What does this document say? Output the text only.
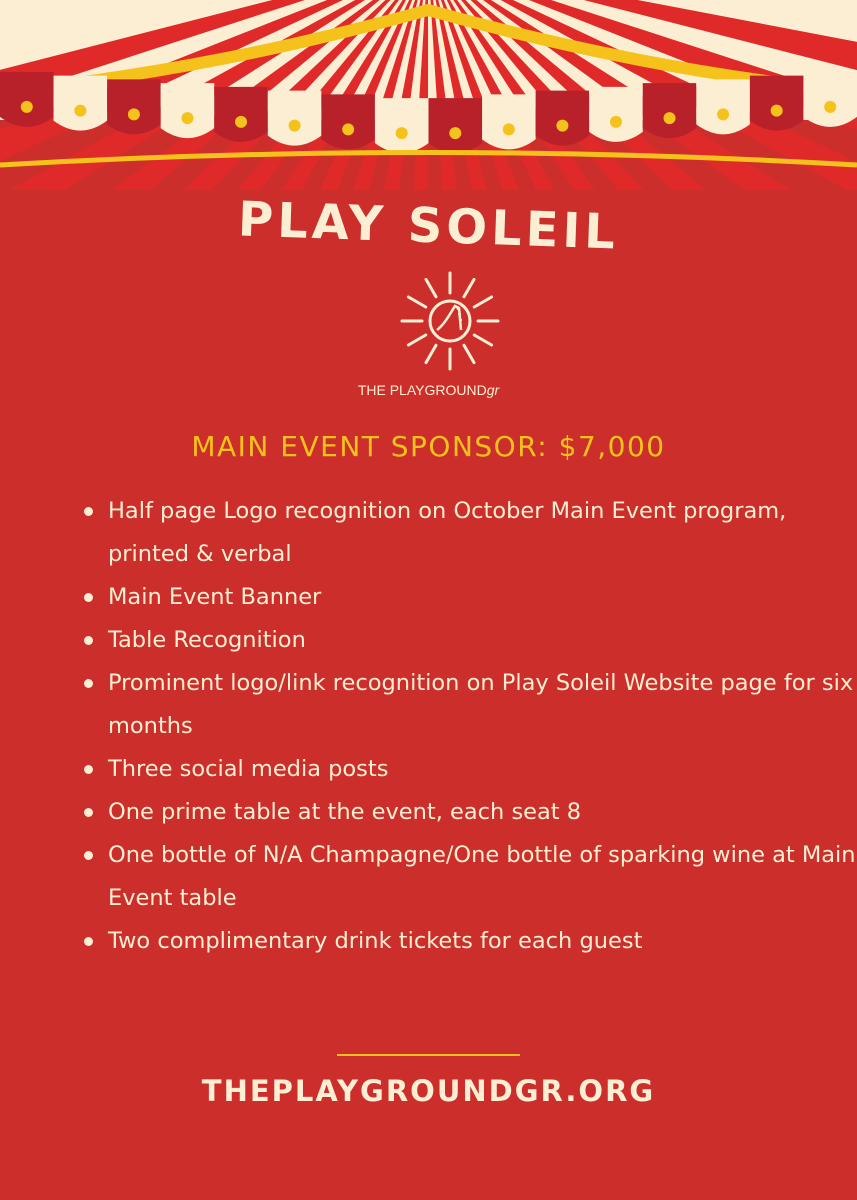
PLAY SOLEIL
THE PLAYGROUNDgr
MAIN EVENT SPONSOR: $7,000
Half page Logo recognition on October Main Event program, printed & verbal
Main Event Banner
Table Recognition
Prominent logo/link recognition on Play Soleil Website page for six months
Three social media posts
One prime table at the event, each seat 8
One bottle of N/A Champagne/One bottle of sparking wine at Main Event table
Two complimentary drink tickets for each guest
THEPLAYGROUNDGR.ORG
